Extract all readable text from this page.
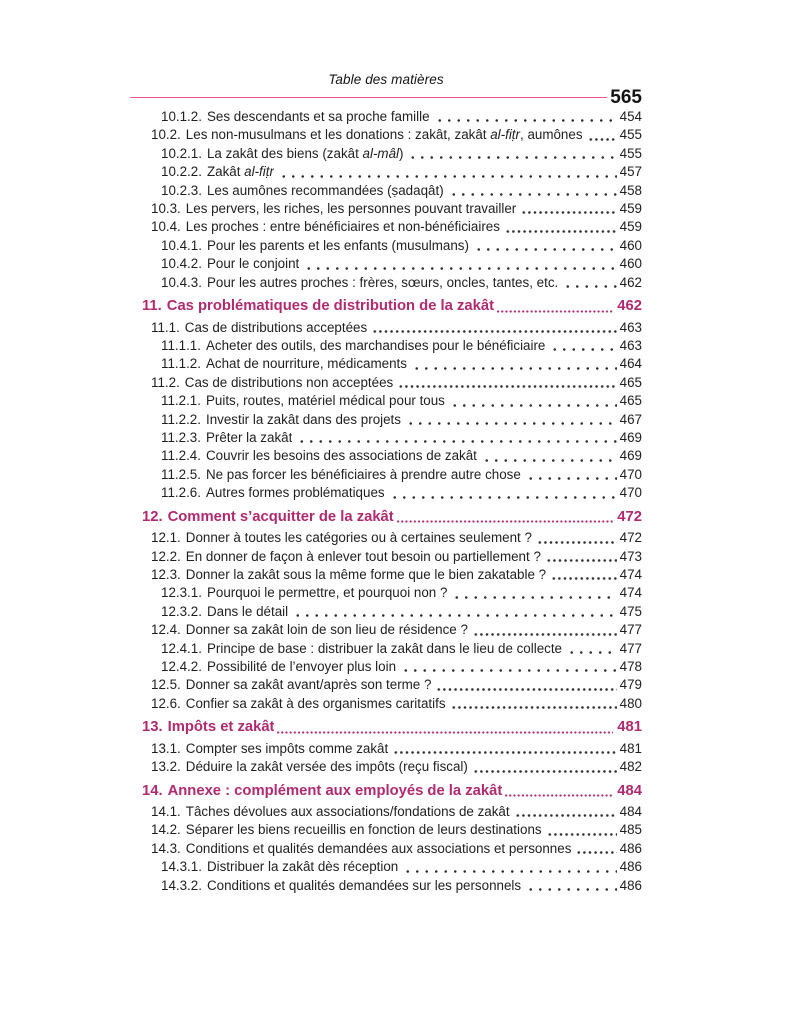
Table des matières
565
10.1.2. Ses descendants et sa proche famille	454
10.2. Les non-musulmans et les donations : zakât, zakât al-fiṭr, aumônes	455
10.2.1. La zakât des biens (zakât al-mâl)	455
10.2.2. Zakât al-fiṭr	457
10.2.3. Les aumônes recommandées (ṣadaqât)	458
10.3. Les pervers, les riches, les personnes pouvant travailler	459
10.4. Les proches : entre bénéficiaires et non-bénéficiaires	459
10.4.1. Pour les parents et les enfants (musulmans)	460
10.4.2. Pour le conjoint	460
10.4.3. Pour les autres proches : frères, sœurs, oncles, tantes, etc.	462
11. Cas problématiques de distribution de la zakât	462
11.1. Cas de distributions acceptées	463
11.1.1. Acheter des outils, des marchandises pour le bénéficiaire	463
11.1.2. Achat de nourriture, médicaments	464
11.2. Cas de distributions non acceptées	465
11.2.1. Puits, routes, matériel médical pour tous	465
11.2.2. Investir la zakât dans des projets	467
11.2.3. Prêter la zakât	469
11.2.4. Couvrir les besoins des associations de zakât	469
11.2.5. Ne pas forcer les bénéficiaires à prendre autre chose	470
11.2.6. Autres formes problématiques	470
12. Comment s’acquitter de la zakât	472
12.1. Donner à toutes les catégories ou à certaines seulement ?	472
12.2. En donner de façon à enlever tout besoin ou partiellement ?	473
12.3. Donner la zakât sous la même forme que le bien zakatable ?	474
12.3.1. Pourquoi le permettre, et pourquoi non ?	474
12.3.2. Dans le détail	475
12.4. Donner sa zakât loin de son lieu de résidence ?	477
12.4.1. Principe de base : distribuer la zakât dans le lieu de collecte	477
12.4.2. Possibilité de l’envoyer plus loin	478
12.5. Donner sa zakât avant/après son terme ?	479
12.6. Confier sa zakât à des organismes caritatifs	480
13. Impôts et zakât	481
13.1. Compter ses impôts comme zakât	481
13.2. Déduire la zakât versée des impôts (reçu fiscal)	482
14. Annexe : complément aux employés de la zakât	484
14.1. Tâches dévolues aux associations/fondations de zakât	484
14.2. Séparer les biens recueillis en fonction de leurs destinations	485
14.3. Conditions et qualités demandées aux associations et personnes	486
14.3.1. Distribuer la zakât dès réception	486
14.3.2. Conditions et qualités demandées sur les personnels	486
